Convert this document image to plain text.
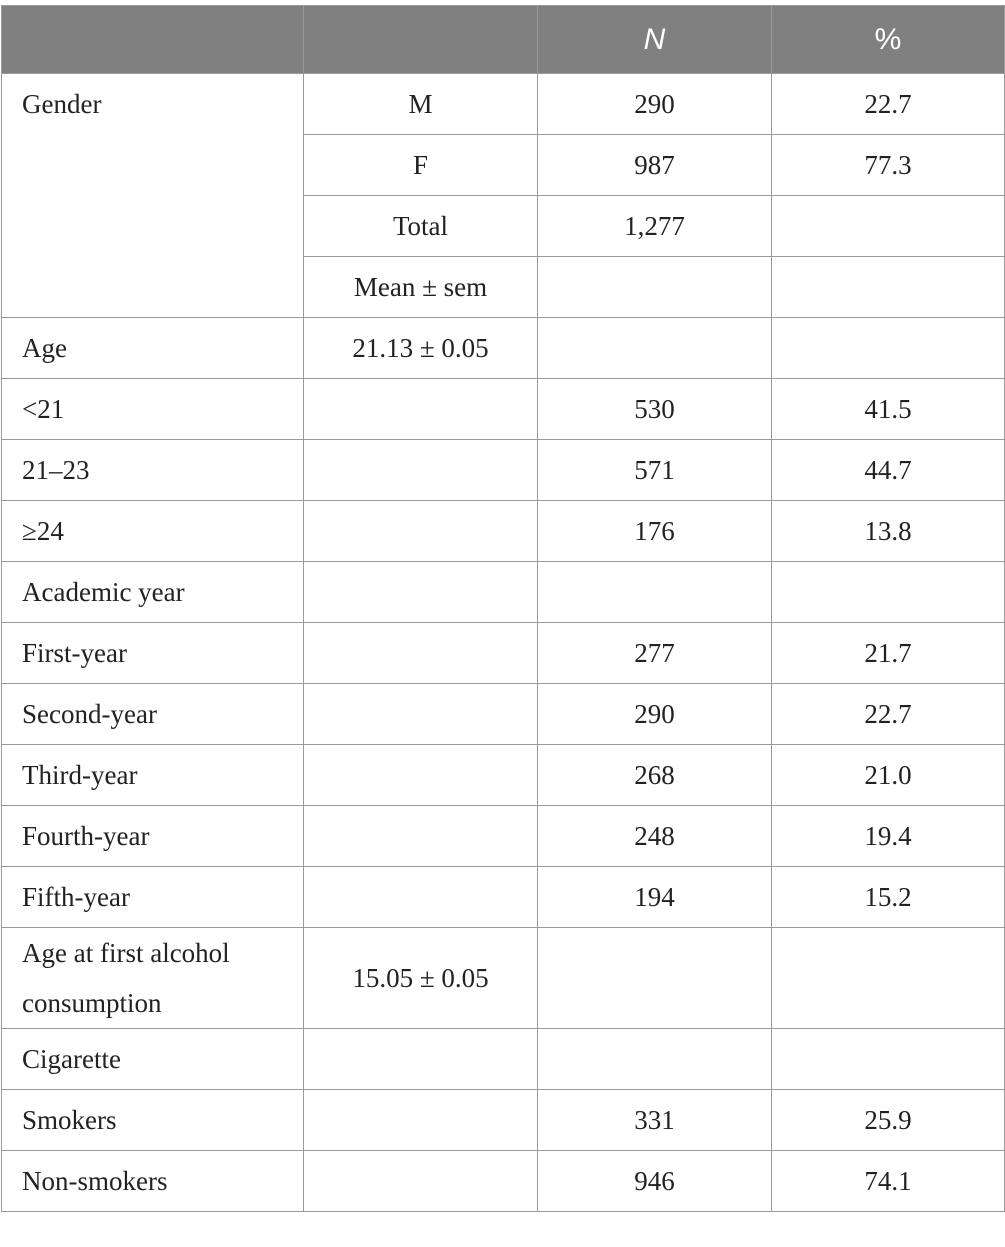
		N	%
Gender	M	290	22.7
	F	987	77.3
	Total	1,277	
	Mean ± sem		
Age	21.13 ± 0.05		
<21		530	41.5
21–23		571	44.7
≥24		176	13.8
Academic year			
First-year		277	21.7
Second-year		290	22.7
Third-year		268	21.0
Fourth-year		248	19.4
Fifth-year		194	15.2
Age at first alcohol consumption	15.05 ± 0.05		
Cigarette			
Smokers		331	25.9
Non-smokers		946	74.1
